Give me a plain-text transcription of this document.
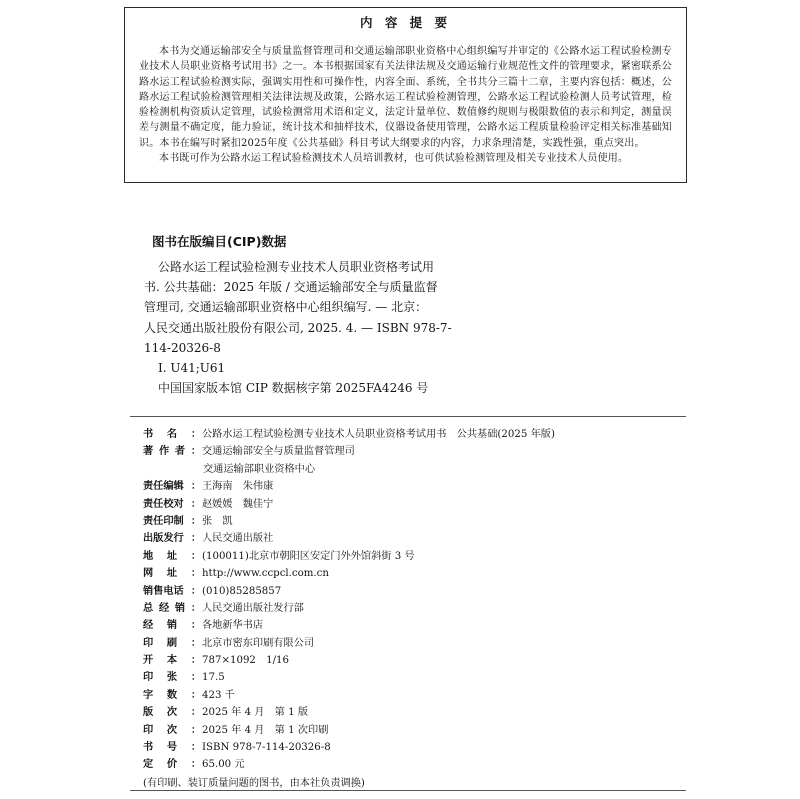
内 容 提 要

本书为交通运输部安全与质量监督管理司和交通运输部职业资格中心组织编写并审定的《公路水运工程试验检测专业技术人员职业资格考试用书》之一。本书根据国家有关法律法规及交通运输行业规范性文件的管理要求，紧密联系公路水运工程试验检测实际，强调实用性和可操作性，内容全面、系统，全书共分三篇十二章，主要内容包括：概述，公路水运工程试验检测管理相关法律法规及政策，公路水运工程试验检测管理，公路水运工程试验检测人员考试管理，检验检测机构资质认定管理，试验检测常用术语和定义，法定计量单位、数值修约规则与极限数值的表示和判定，测量误差与测量不确定度，能力验证，统计技术和抽样技术，仪器设备使用管理，公路水运工程质量检验评定相关标准基础知识。本书在编写时紧扣2025年度《公共基础》科目考试大纲要求的内容，力求条理清楚，实践性强，重点突出。

本书既可作为公路水运工程试验检测技术人员培训教材，也可供试验检测管理及相关专业技术人员使用。

图书在版编目(CIP)数据
公路水运工程试验检测专业技术人员职业资格考试用
书. 公共基础：2025 年版 / 交通运输部安全与质量监督
管理司, 交通运输部职业资格中心组织编写. — 北京：
人民交通出版社股份有限公司, 2025. 4. — ISBN 978-7-
114-20326-8
Ⅰ. U41;U61
中国国家版本馆 CIP 数据核字第 2025FA4246 号
书 名 ： 公路水运工程试验检测专业技术人员职业资格考试用书　公共基础(2025 年版)
著 作 者 ： 交通运输部安全与质量监督管理司
交通运输部职业资格中心
责任编辑 ： 王海南　朱伟康
责任校对 ： 赵媛媛　魏佳宁
责任印制 ： 张　凯
出版发行 ： 人民交通出版社
地 址 ： (100011)北京市朝阳区安定门外外馆斜街 3 号
网 址 ： http://www.ccpcl.com.cn
销售电话 ： (010)85285857
总 经 销 ： 人民交通出版社发行部
经 销 ： 各地新华书店
印 刷 ： 北京市密东印刷有限公司
开 本 ： 787×1092　1/16
印 张 ： 17.5
字 数 ： 423 千
版 次 ： 2025 年 4 月　第 1 版
印 次 ： 2025 年 4 月　第 1 次印刷
书 号 ： ISBN 978-7-114-20326-8
定 价 ： 65.00 元
(有印刷、装订质量问题的图书，由本社负责调换)
